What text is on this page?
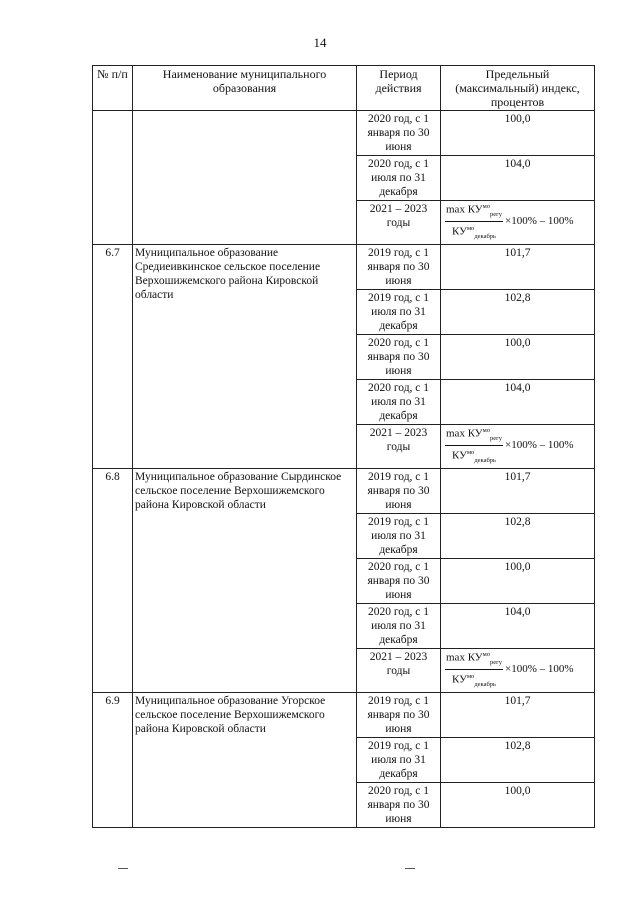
14
№ п/п	Наименование муниципального образования	Период действия	Предельный (максимальный) индекс, процентов
		2020 год, с 1 января по 30 июня	100,0
		2020 год, с 1 июля по 31 декабря	104,0
		2021 – 2023 годы	$\frac{\max КУ^{мо}_{регу}}{КУ^{мо}_{декабрь}} \times 100\% - 100\%$

6.7	Муниципальное образование Средиеивкинское сельское поселение Верхошижемского района Кировской области	2019 год, с 1 января по 30 июня	101,7
		2019 год, с 1 июля по 31 декабря	102,8
		2020 год, с 1 января по 30 июня	100,0
		2020 год, с 1 июля по 31 декабря	104,0
		2021 – 2023 годы	$\frac{\max КУ^{мо}_{регу}}{КУ^{мо}_{декабрь}} \times 100\% - 100\%$

6.8	Муниципальное образование Сырдинское сельское поселение Верхошижемского района Кировской области	2019 год, с 1 января по 30 июня	101,7
		2019 год, с 1 июля по 31 декабря	102,8
		2020 год, с 1 января по 30 июня	100,0
		2020 год, с 1 июля по 31 декабря	104,0
		2021 – 2023 годы	$\frac{\max КУ^{мо}_{регу}}{КУ^{мо}_{декабрь}} \times 100\% - 100\%$

6.9	Муниципальное образование Угорское сельское поселение Верхошижемского района Кировской области	2019 год, с 1 января по 30 июня	101,7
		2019 год, с 1 июля по 31 декабря	102,8
		2020 год, с 1 января по 30 июня	100,0
